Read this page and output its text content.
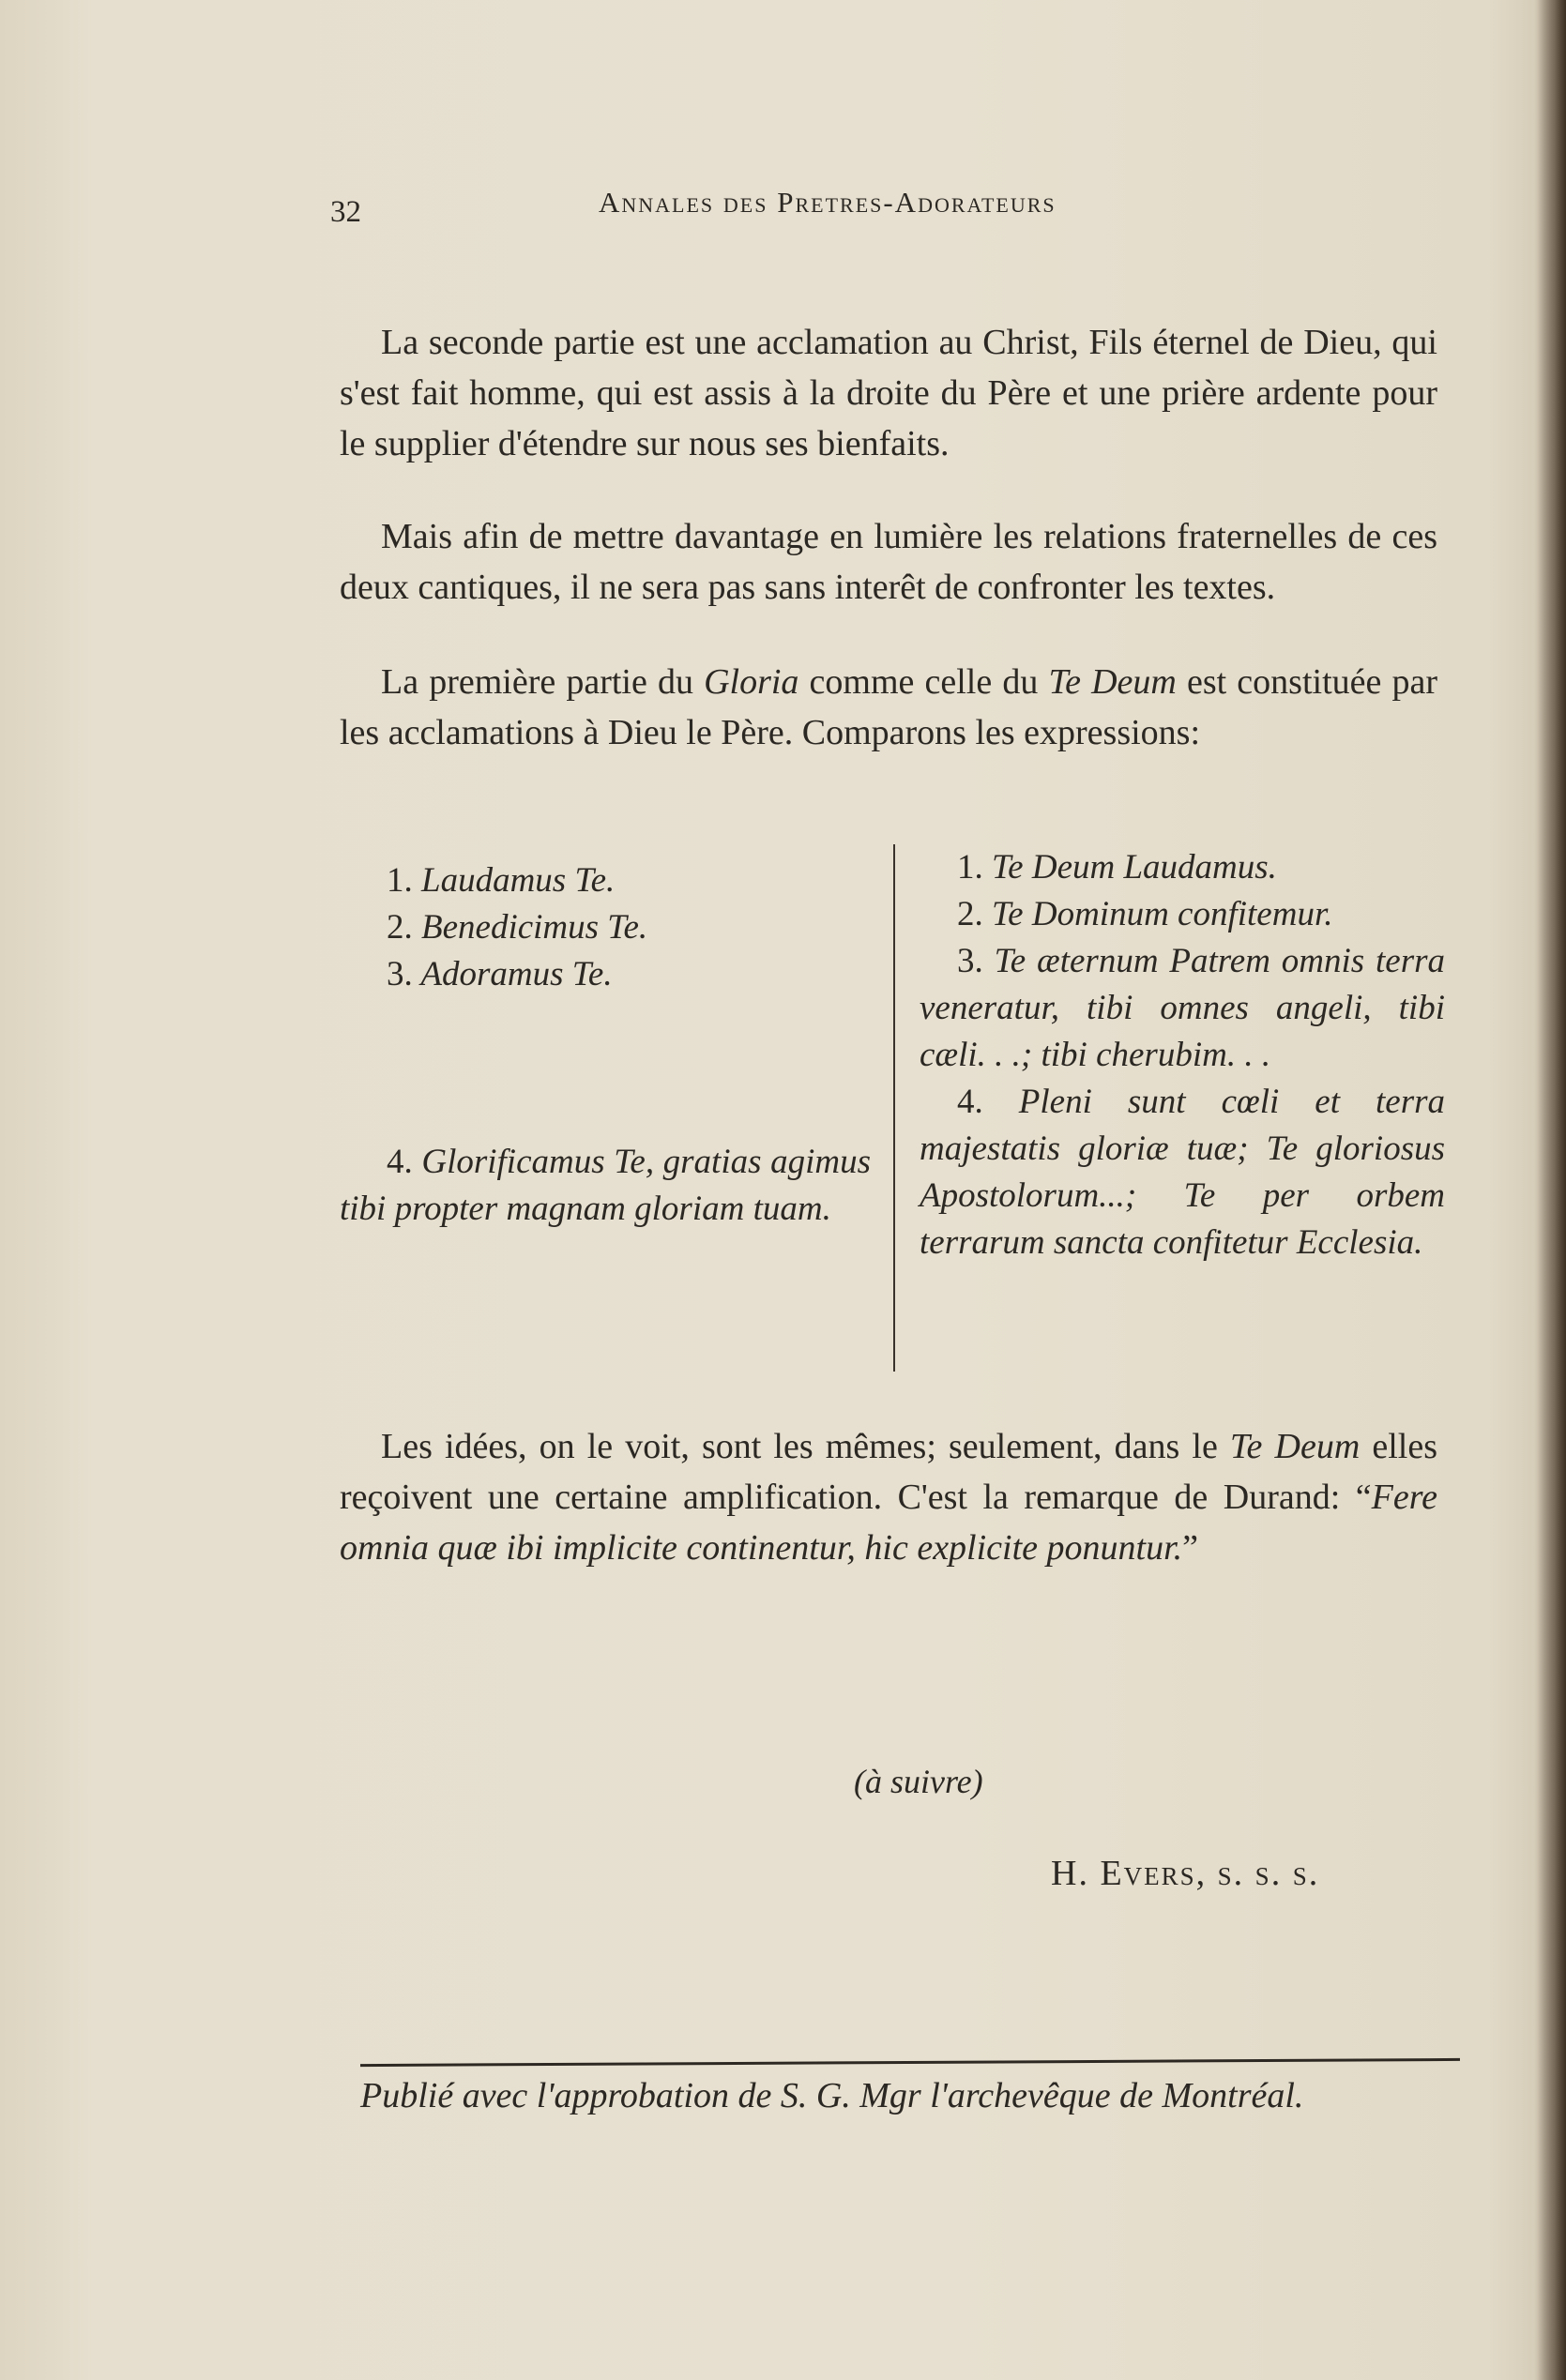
32	Annales des Pretres-Adorateurs

La seconde partie est une acclamation au Christ, Fils éternel de Dieu, qui s'est fait homme, qui est assis à la droite du Père et une prière ardente pour le supplier d'étendre sur nous ses bienfaits.

Mais afin de mettre davantage en lumière les relations fraternelles de ces deux cantiques, il ne sera pas sans interêt de confronter les textes.

La première partie du Gloria comme celle du Te Deum est constituée par les acclamations à Dieu le Père. Comparons les expressions:

1. Laudamus Te.

2. Benedicimus Te.

3. Adoramus Te.

4. Glorificamus Te, gratias agimus tibi propter magnam gloriam tuam.

1. Te Deum Laudamus.

2. Te Dominum confitemur.

3. Te æternum Patrem omnis terra veneratur, tibi omnes angeli, tibi cæli. . .; tibi cherubim. . .

4. Pleni sunt cœli et terra majestatis gloriæ tuæ; Te gloriosus Apostolorum...; Te per orbem terrarum sancta confitetur Ecclesia.

Les idées, on le voit, sont les mêmes; seulement, dans le Te Deum elles reçoivent une certaine amplification. C'est la remarque de Durand: “Fere omnia quæ ibi implicite continentur, hic explicite ponuntur.”

(à suivre)
H. Evers, s. s. s.
Publié avec l'approbation de S. G. Mgr l'archevêque de Montréal.
